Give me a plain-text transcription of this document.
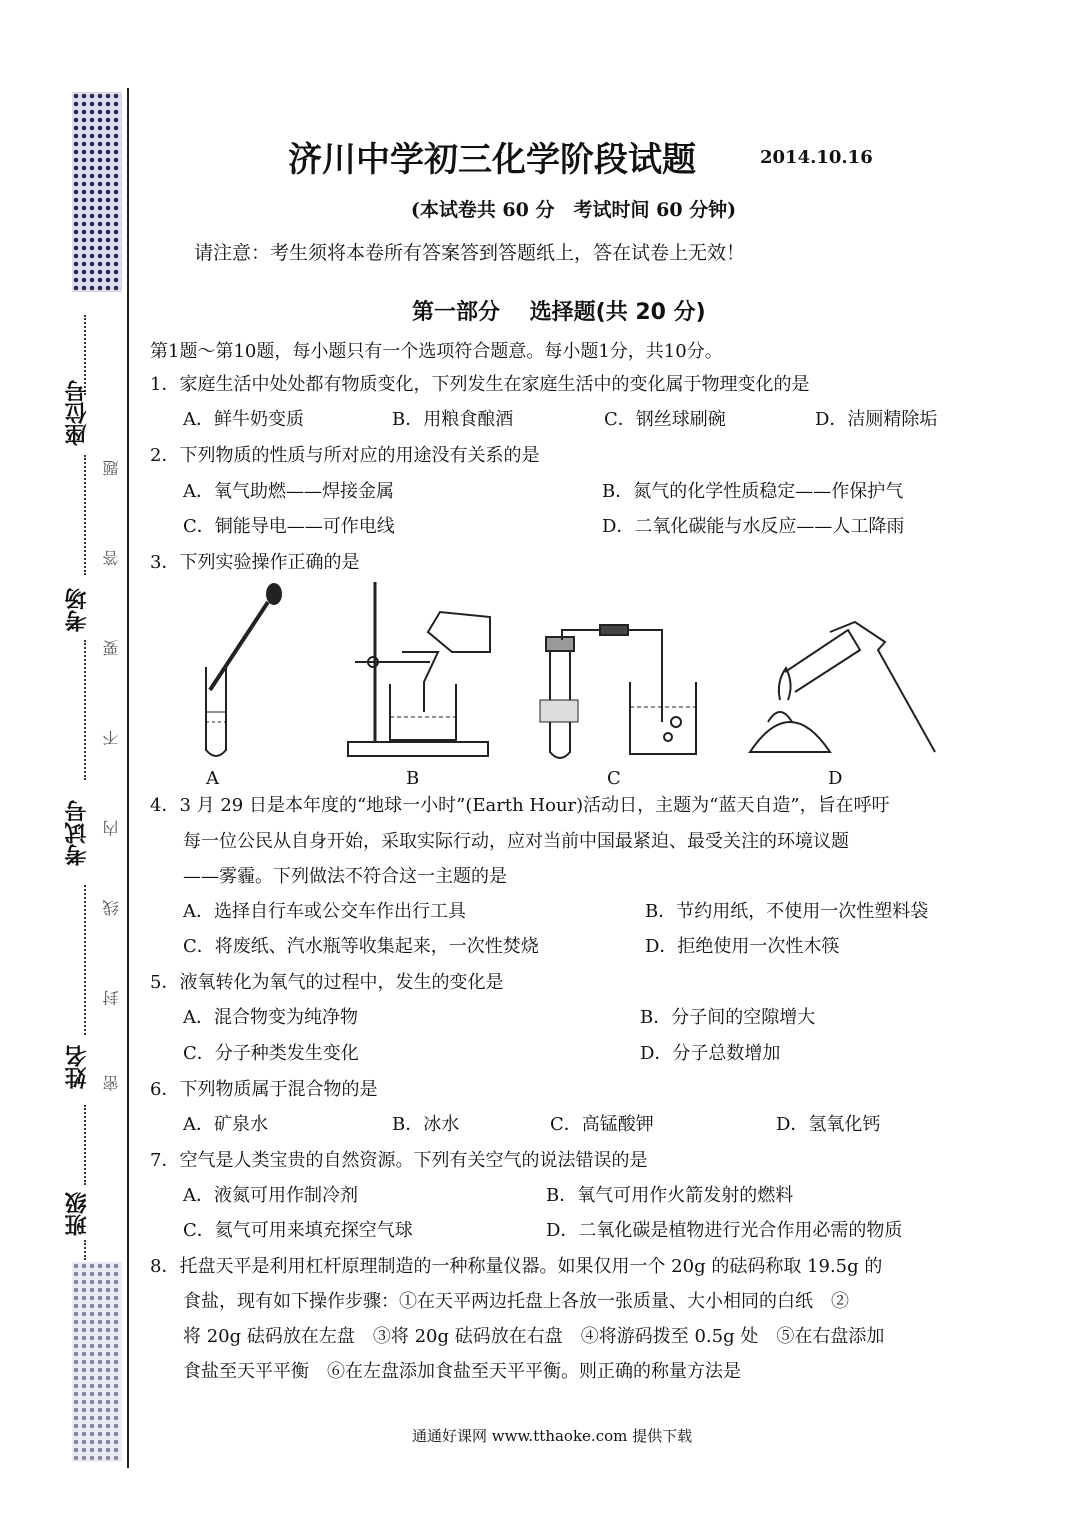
座位号
考场
考试号
姓名
班级
题
答
要
不
内
线
封
密
济川中学初三化学阶段试题	2014.10.16
(本试卷共 60 分　考试时间 60 分钟)
请注意：考生须将本卷所有答案答到答题纸上，答在试卷上无效！
第一部分　 选择题(共 20 分)
第1题～第10题，每小题只有一个选项符合题意。每小题1分，共10分。
1．家庭生活中处处都有物质变化，下列发生在家庭生活中的变化属于物理变化的是
A．鲜牛奶变质	B．用粮食酿酒	C．钢丝球刷碗	D．洁厕精除垢
2．下列物质的性质与所对应的用途没有关系的是
A．氧气助燃——焊接金属	B．氮气的化学性质稳定——作保护气
C．铜能导电——可作电线	D．二氧化碳能与水反应——人工降雨
3．下列实验操作正确的是
A	B	C	D
4．3 月 29 日是本年度的“地球一小时”(Earth Hour)活动日，主题为“蓝天自造”，旨在呼吁
每一位公民从自身开始，采取实际行动，应对当前中国最紧迫、最受关注的环境议题
——雾霾。下列做法不符合这一主题的是
A．选择自行车或公交车作出行工具	B．节约用纸，不使用一次性塑料袋
C．将废纸、汽水瓶等收集起来，一次性焚烧	D．拒绝使用一次性木筷
5．液氧转化为氧气的过程中，发生的变化是
A．混合物变为纯净物	B．分子间的空隙增大
C．分子种类发生变化	D．分子总数增加
6．下列物质属于混合物的是
A．矿泉水	B．冰水	C．高锰酸钾	D．氢氧化钙
7．空气是人类宝贵的自然资源。下列有关空气的说法错误的是
A．液氮可用作制冷剂	B．氧气可用作火箭发射的燃料
C．氦气可用来填充探空气球	D．二氧化碳是植物进行光合作用必需的物质
8．托盘天平是利用杠杆原理制造的一种称量仪器。如果仅用一个 20g 的砝码称取 19.5g 的
食盐，现有如下操作步骤：①在天平两边托盘上各放一张质量、大小相同的白纸　②
将 20g 砝码放在左盘　③将 20g 砝码放在右盘　④将游码拨至 0.5g 处　⑤在右盘添加
食盐至天平平衡　⑥在左盘添加食盐至天平平衡。则正确的称量方法是
通通好课网 www.tthaoke.com 提供下载
